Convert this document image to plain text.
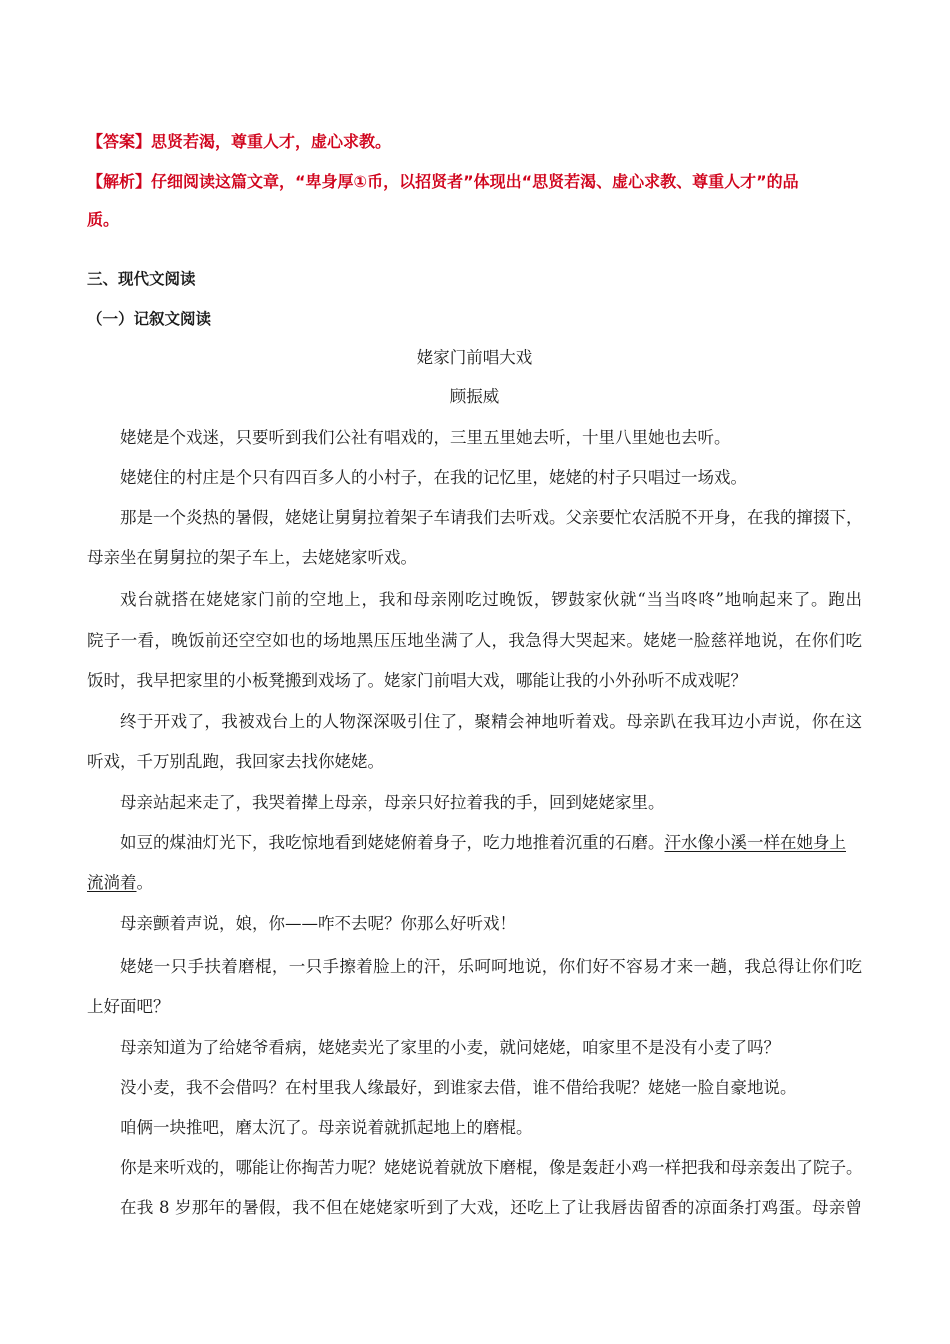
【答案】思贤若渴，尊重人才，虚心求教。
【解析】仔细阅读这篇文章，“卑身厚①币，以招贤者”体现出“思贤若渴、虚心求教、尊重人才”的品
质。
三、现代文阅读
（一）记叙文阅读
姥家门前唱大戏
顾振威
姥姥是个戏迷，只要听到我们公社有唱戏的，三里五里她去听，十里八里她也去听。
姥姥住的村庄是个只有四百多人的小村子，在我的记忆里，姥姥的村子只唱过一场戏。
那是一个炎热的暑假，姥姥让舅舅拉着架子车请我们去听戏。父亲要忙农活脱不开身，在我的撺掇下，
母亲坐在舅舅拉的架子车上，去姥姥家听戏。
戏台就搭在姥姥家门前的空地上，我和母亲刚吃过晚饭，锣鼓家伙就“当当咚咚”地响起来了。跑出
院子一看，晚饭前还空空如也的场地黑压压地坐满了人，我急得大哭起来。姥姥一脸慈祥地说，在你们吃
饭时，我早把家里的小板凳搬到戏场了。姥家门前唱大戏，哪能让我的小外孙听不成戏呢？
终于开戏了，我被戏台上的人物深深吸引住了，聚精会神地听着戏。母亲趴在我耳边小声说，你在这
听戏，千万别乱跑，我回家去找你姥姥。
母亲站起来走了，我哭着撵上母亲，母亲只好拉着我的手，回到姥姥家里。
如豆的煤油灯光下，我吃惊地看到姥姥俯着身子，吃力地推着沉重的石磨。汗水像小溪一样在她身上
流淌着。
母亲颤着声说，娘，你——咋不去呢？你那么好听戏！
姥姥一只手扶着磨棍，一只手擦着脸上的汗，乐呵呵地说，你们好不容易才来一趟，我总得让你们吃
上好面吧？
母亲知道为了给姥爷看病，姥姥卖光了家里的小麦，就问姥姥，咱家里不是没有小麦了吗？
没小麦，我不会借吗？在村里我人缘最好，到谁家去借，谁不借给我呢？姥姥一脸自豪地说。
咱俩一块推吧，磨太沉了。母亲说着就抓起地上的磨棍。
你是来听戏的，哪能让你掏苦力呢？姥姥说着就放下磨棍，像是轰赶小鸡一样把我和母亲轰出了院子。
在我 8 岁那年的暑假，我不但在姥姥家听到了大戏，还吃上了让我唇齿留香的凉面条打鸡蛋。母亲曾
